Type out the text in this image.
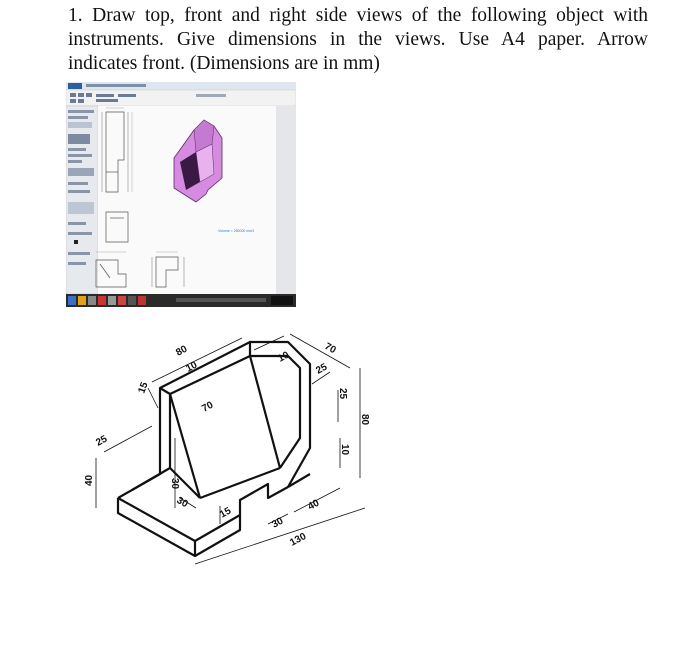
1. Draw top, front and right side views of the following object with instruments. Give dimensions in the views. Use A4 paper. Arrow indicates front. (Dimensions are in mm)

Volume = 250000 mm3
80
10
15
25
40	30
30
70
10
70
25
25
80
10
15
30
40
130
